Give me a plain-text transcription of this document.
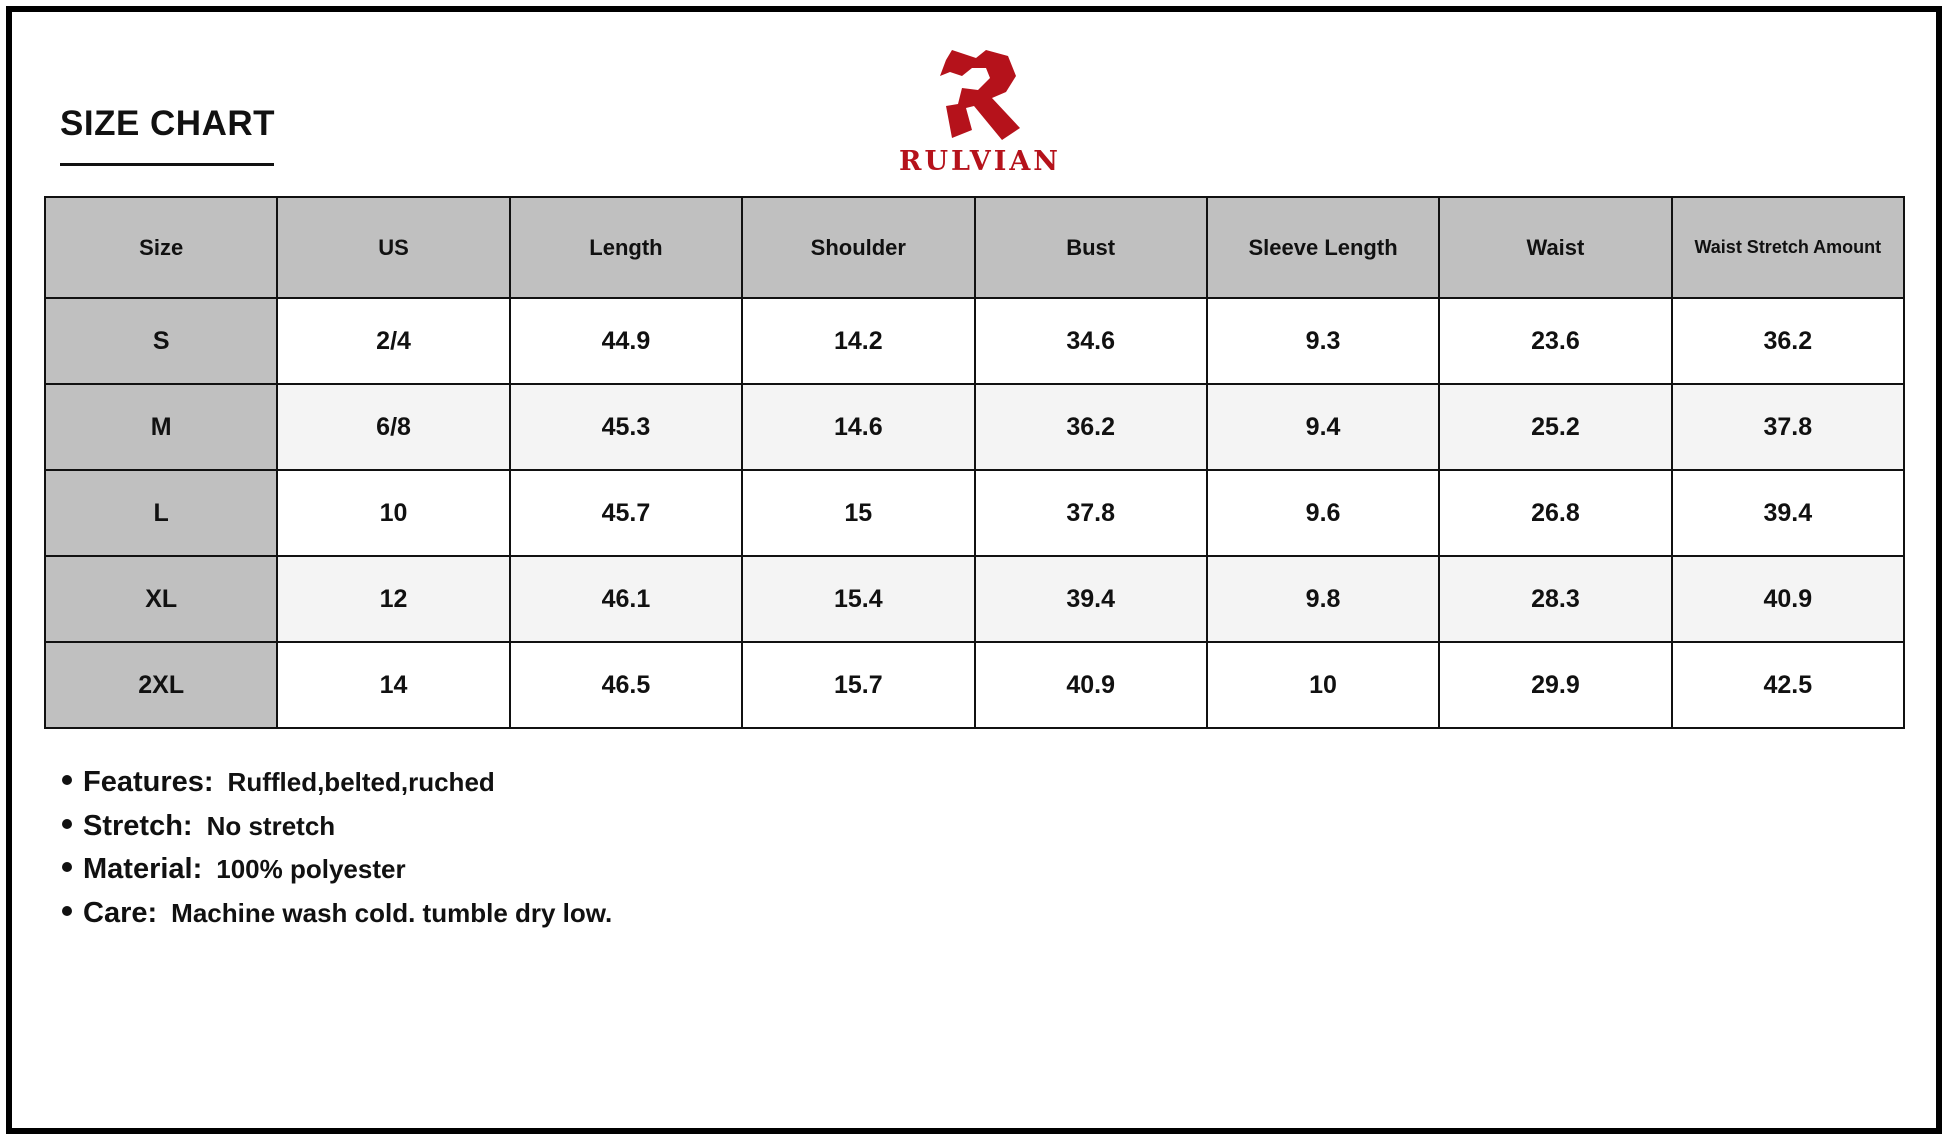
SIZE CHART
RULVIAN
Size	US	Length	Shoulder	Bust	Sleeve Length	Waist	Waist Stretch Amount
S	2/4	44.9	14.2	34.6	9.3	23.6	36.2
M	6/8	45.3	14.6	36.2	9.4	25.2	37.8
L	10	45.7	15	37.8	9.6	26.8	39.4
XL	12	46.1	15.4	39.4	9.8	28.3	40.9
2XL	14	46.5	15.7	40.9	10	29.9	42.5
Features: Ruffled,belted,ruched
Stretch: No stretch
Material: 100% polyester
Care: Machine wash cold. tumble dry low.
